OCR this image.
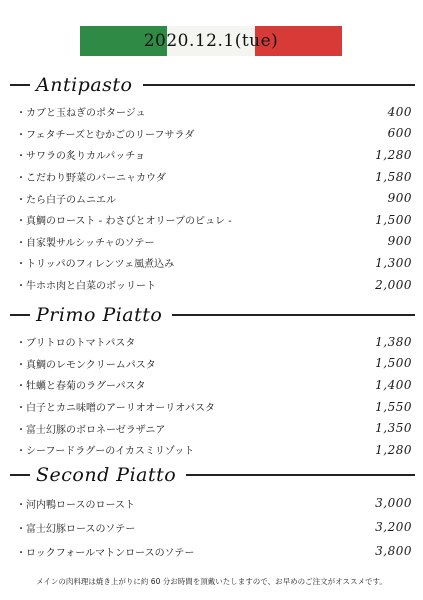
2020.12.1(tue)
Antipasto
・カブと玉ねぎのポタージュ	400
・フェタチーズとむかごのリーフサラダ	600
・サワラの炙りカルパッチョ	1,280
・こだわり野菜のバーニャカウダ	1,580
・たら白子のムニエル	900
・真鯛のロースト - わさびとオリーブのピュレ -	1,500
・自家製サルシッチャのソテー	900
・トリッパのフィレンツェ風煮込み	1,300
・牛ホホ肉と白菜のボッリート	2,000
Primo Piatto
・ブリトロのトマトパスタ	1,380
・真鯛のレモンクリームパスタ	1,500
・牡蠣と春菊のラグーパスタ	1,400
・白子とカニ味噌のアーリオオーリオパスタ	1,550
・富士幻豚のボロネーゼラザニア	1,350
・シーフードラグーのイカスミリゾット	1,280
Second Piatto
・河内鴨ロースのロースト	3,000
・富士幻豚ロースのソテー	3,200
・ロックフォールマトンロースのソテー	3,800
メインの肉料理は焼き上がりに約 60 分お時間を頂戴いたしますので、お早めのご注文がオススメです。
